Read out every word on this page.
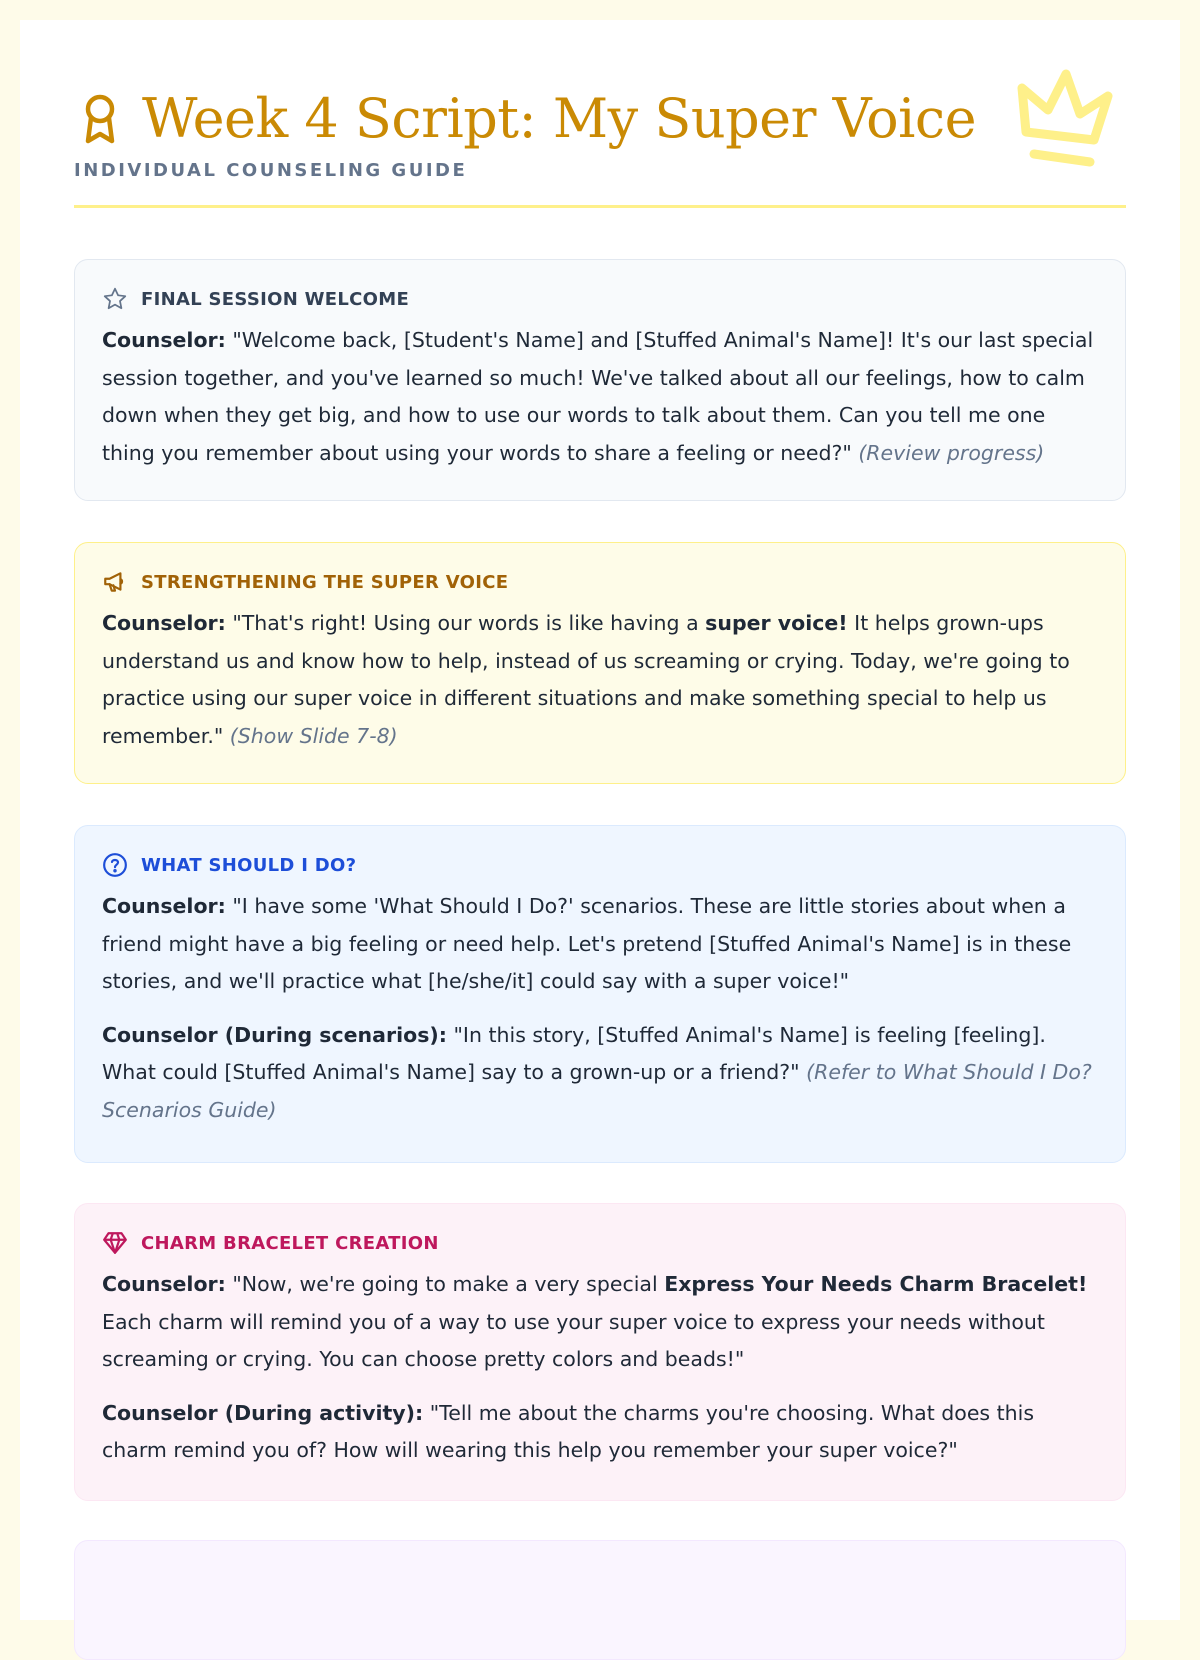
Week 4 Script: My Super Voice
INDIVIDUAL COUNSELING GUIDE
FINAL SESSION WELCOME

Counselor: "Welcome back, [Student's Name] and [Stuffed Animal's Name]! It's our last special session together, and you've learned so much! We've talked about all our feelings, how to calm down when they get big, and how to use our words to talk about them. Can you tell me one thing you remember about using your words to share a feeling or need?" (Review progress)

STRENGTHENING THE SUPER VOICE

Counselor: "That's right! Using our words is like having a super voice! It helps grown-ups understand us and know how to help, instead of us screaming or crying. Today, we're going to practice using our super voice in different situations and make something special to help us remember." (Show Slide 7-8)

WHAT SHOULD I DO?

Counselor: "I have some 'What Should I Do?' scenarios. These are little stories about when a friend might have a big feeling or need help. Let's pretend [Stuffed Animal's Name] is in these stories, and we'll practice what [he/she/it] could say with a super voice!"

Counselor (During scenarios): "In this story, [Stuffed Animal's Name] is feeling [feeling]. What could [Stuffed Animal's Name] say to a grown-up or a friend?" (Refer to What Should I Do? Scenarios Guide)

CHARM BRACELET CREATION

Counselor: "Now, we're going to make a very special Express Your Needs Charm Bracelet! Each charm will remind you of a way to use your super voice to express your needs without screaming or crying. You can choose pretty colors and beads!"

Counselor (During activity): "Tell me about the charms you're choosing. What does this charm remind you of? How will wearing this help you remember your super voice?"
